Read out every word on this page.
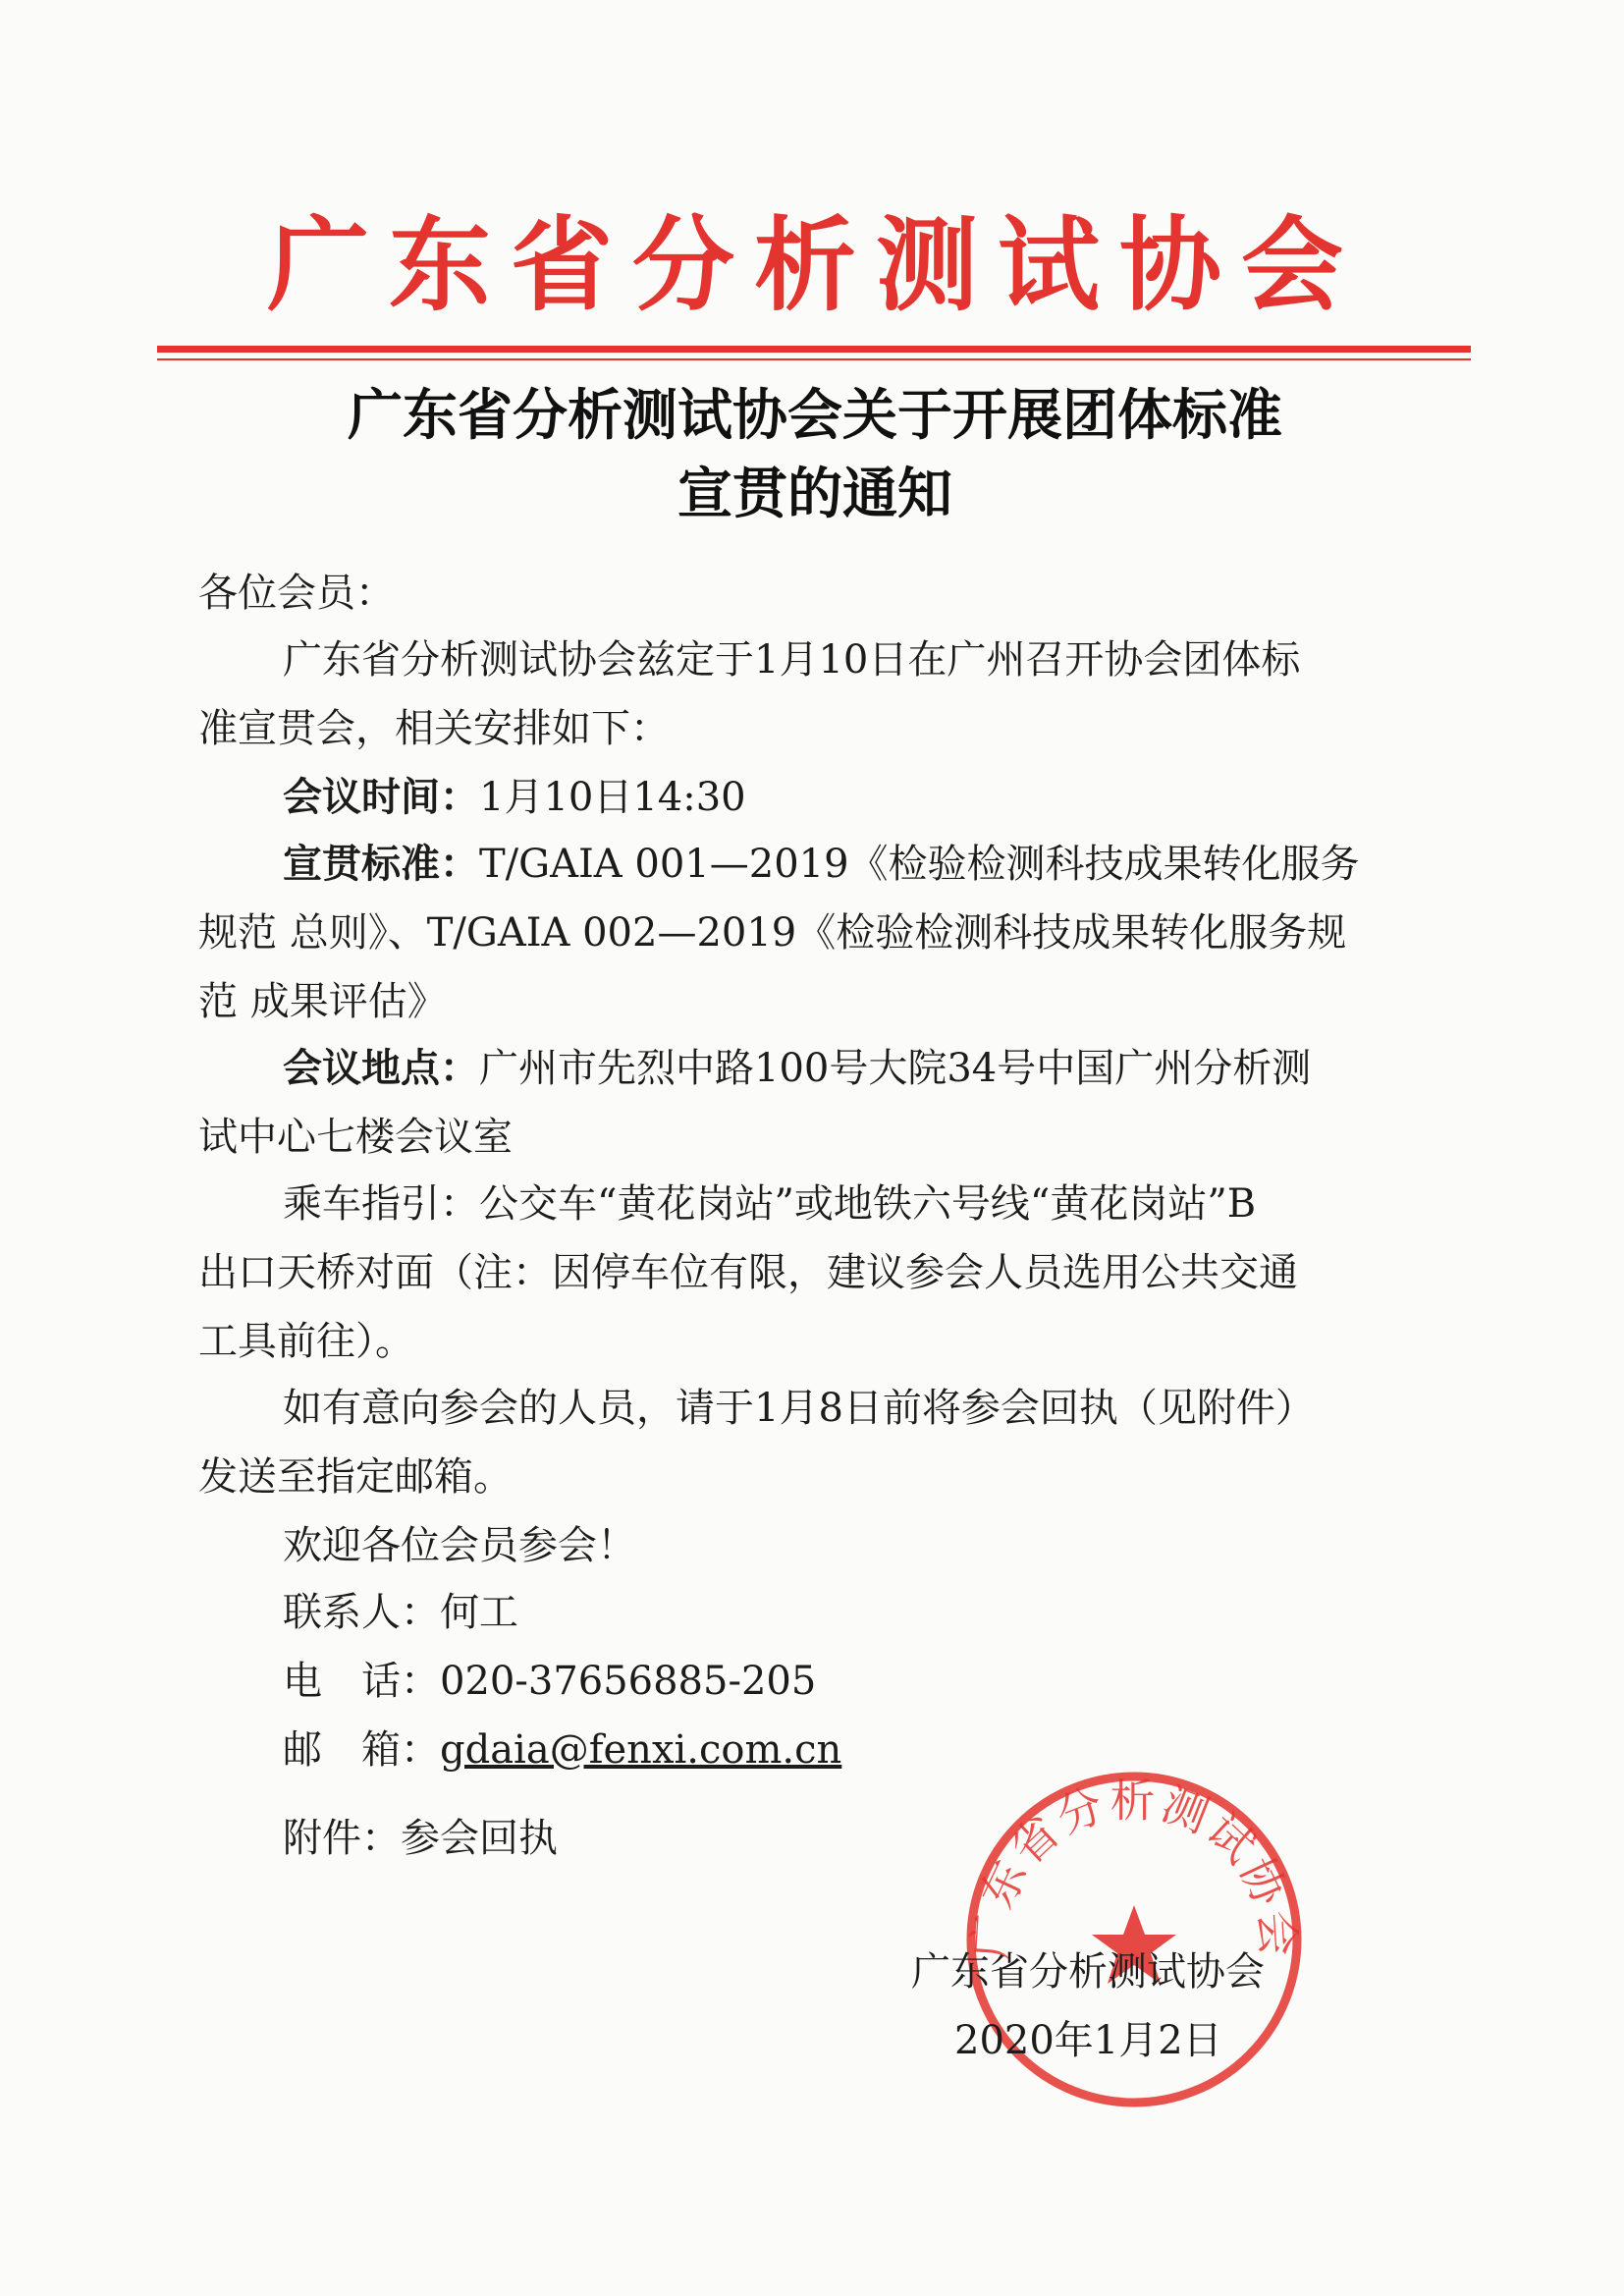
广东省分析测试协会
广东省分析测试协会关于开展团体标准
宣贯的通知
各位会员：
广东省分析测试协会兹定于1月10日在广州召开协会团体标
准宣贯会，相关安排如下：
会议时间：1月10日14:30
宣贯标准：T/GAIA 001—2019《检验检测科技成果转化服务
规范 总则》、T/GAIA 002—2019《检验检测科技成果转化服务规
范 成果评估》
会议地点：广州市先烈中路100号大院34号中国广州分析测
试中心七楼会议室
乘车指引：公交车“黄花岗站”或地铁六号线“黄花岗站”B
出口天桥对面（注：因停车位有限，建议参会人员选用公共交通
工具前往）。
如有意向参会的人员，请于1月8日前将参会回执（见附件）
发送至指定邮箱。
欢迎各位会员参会！
联系人：何工
电　话：020-37656885-205
邮　箱：gdaia@fenxi.com.cn
附件：参会回执
广东省分析测试协会
广东省分析测试协会
2020年1月2日
